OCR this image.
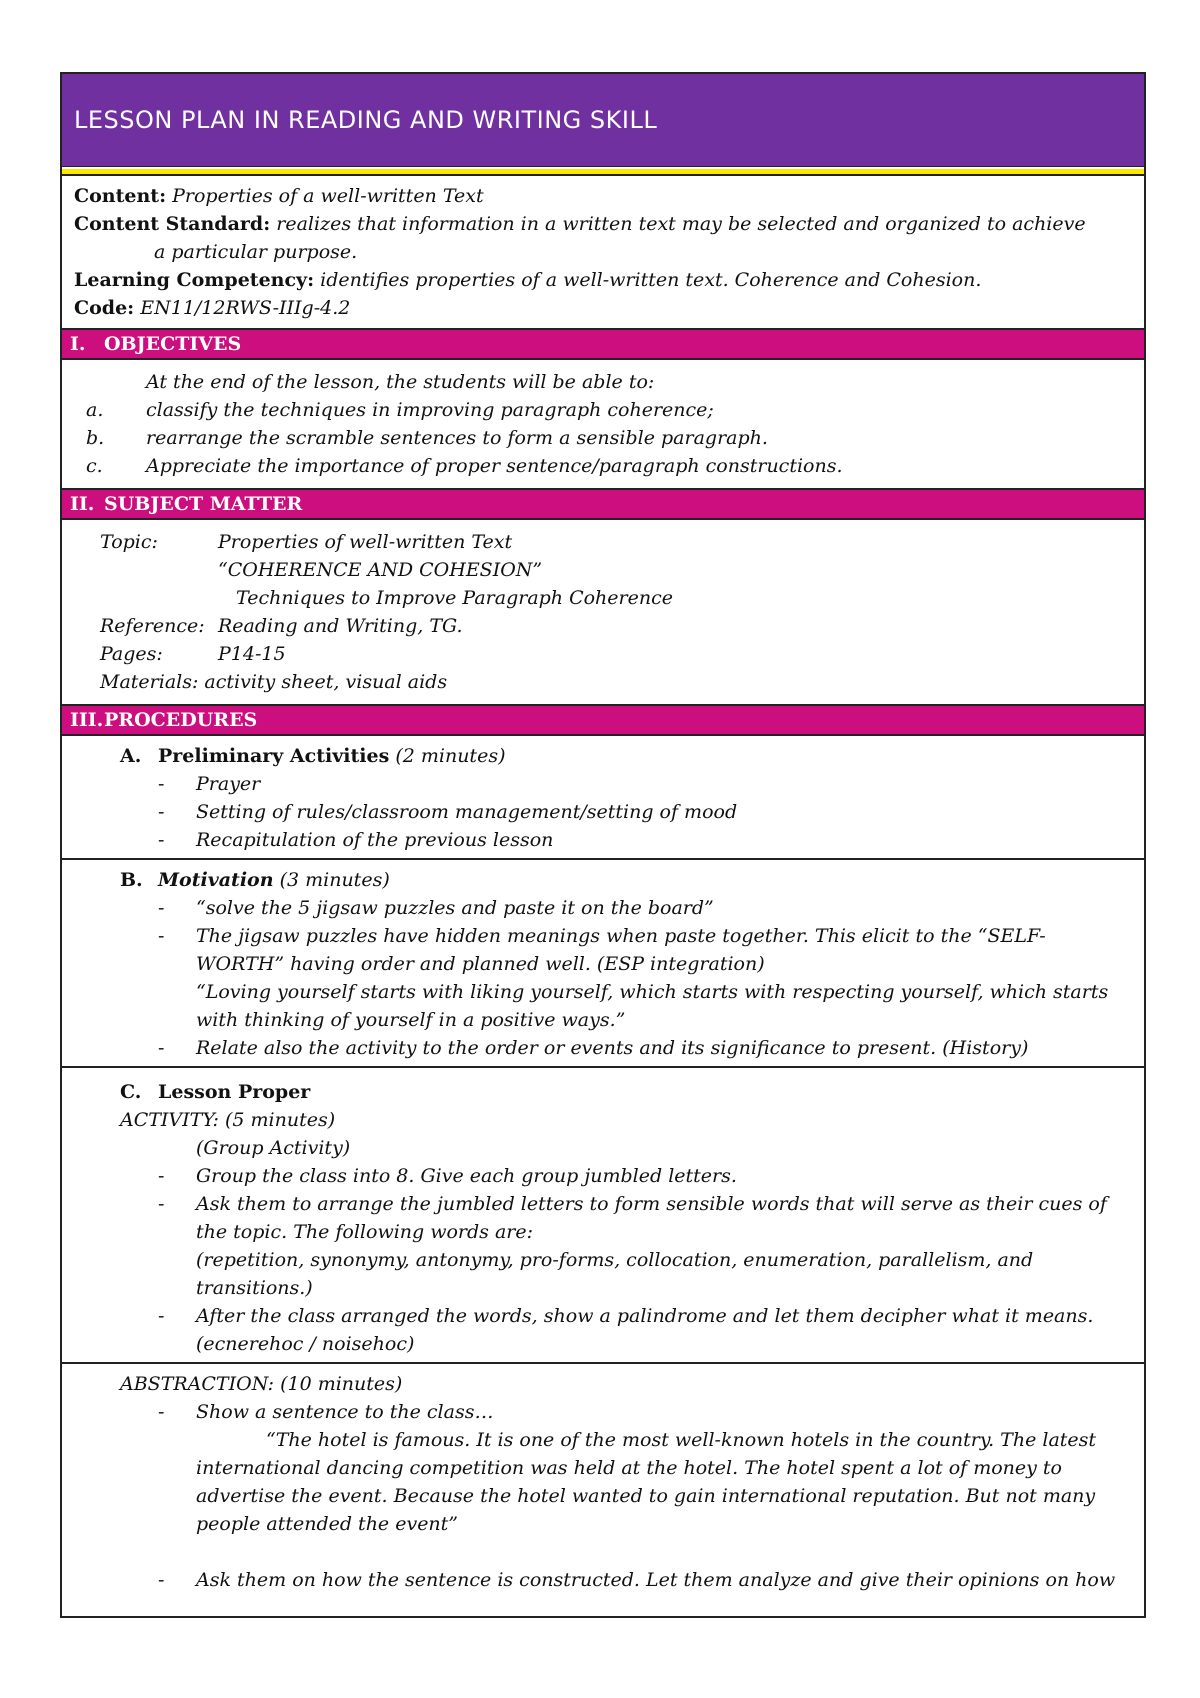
LESSON PLAN IN READING AND WRITING SKILL
Content: Properties of a well-written Text
Content Standard: realizes that information in a written text may be selected and organized to achieve
a particular purpose.
Learning Competency: identifies properties of a well-written text. Coherence and Cohesion.
Code: EN11/12RWS-IIIg-4.2
I. OBJECTIVES
At the end of the lesson, the students will be able to:
a.	classify the techniques in improving paragraph coherence;
b.	rearrange the scramble sentences to form a sensible paragraph.
c.	Appreciate the importance of proper sentence/paragraph constructions.
II. SUBJECT MATTER
Topic:	Properties of well-written Text
“COHERENCE AND COHESION”
Techniques to Improve Paragraph Coherence
Reference: Reading and Writing, TG.
Pages:	P14-15
Materials: activity sheet, visual aids
III. PROCEDURES
A. Preliminary Activities (2 minutes)
-	Prayer
-	Setting of rules/classroom management/setting of mood
-	Recapitulation of the previous lesson
B. Motivation (3 minutes)
-	“solve the 5 jigsaw puzzles and paste it on the board”
-	The jigsaw puzzles have hidden meanings when paste together. This elicit to the “SELF-
WORTH” having order and planned well. (ESP integration)
“Loving yourself starts with liking yourself, which starts with respecting yourself, which starts
with thinking of yourself in a positive ways.”
-	Relate also the activity to the order or events and its significance to present. (History)
C. Lesson Proper
ACTIVITY: (5 minutes)
(Group Activity)
-	Group the class into 8. Give each group jumbled letters.
-	Ask them to arrange the jumbled letters to form sensible words that will serve as their cues of
the topic. The following words are:
(repetition, synonymy, antonymy, pro-forms, collocation, enumeration, parallelism, and
transitions.)
-	After the class arranged the words, show a palindrome and let them decipher what it means.
(ecnerehoc / noisehoc)
ABSTRACTION: (10 minutes)
-	Show a sentence to the class…
“The hotel is famous. It is one of the most well-known hotels in the country. The latest
international dancing competition was held at the hotel. The hotel spent a lot of money to
advertise the event. Because the hotel wanted to gain international reputation. But not many
people attended the event”
-	Ask them on how the sentence is constructed. Let them analyze and give their opinions on how
